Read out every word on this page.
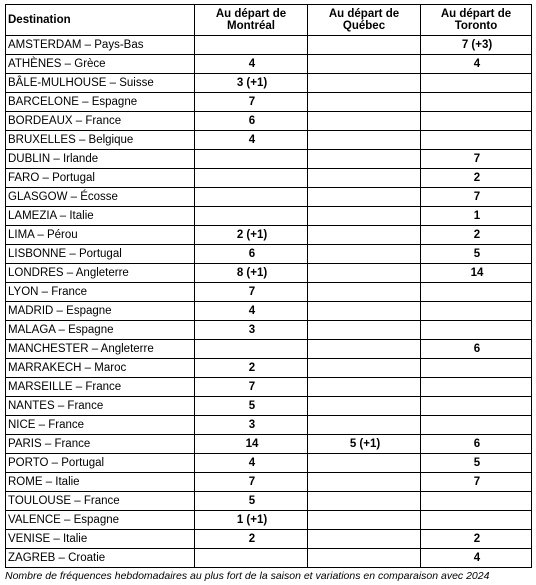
Destination	Au départ de Montréal	Au départ de Québec	Au départ de Toronto
AMSTERDAM – Pays-Bas			7 (+3)
ATHÈNES – Grèce	4		4
BÂLE-MULHOUSE – Suisse	3 (+1)		
BARCELONE – Espagne	7		
BORDEAUX – France	6		
BRUXELLES – Belgique	4		
DUBLIN – Irlande			7
FARO – Portugal			2
GLASGOW – Écosse			7
LAMEZIA – Italie			1
LIMA – Pérou	2 (+1)		2
LISBONNE – Portugal	6		5
LONDRES – Angleterre	8 (+1)		14
LYON – France	7		
MADRID – Espagne	4		
MALAGA – Espagne	3		
MANCHESTER – Angleterre			6
MARRAKECH – Maroc	2		
MARSEILLE – France	7		
NANTES – France	5		
NICE – France	3		
PARIS – France	14	5 (+1)	6
PORTO – Portugal	4		5
ROME – Italie	7		7
TOULOUSE – France	5		
VALENCE – Espagne	1 (+1)		
VENISE – Italie	2		2
ZAGREB – Croatie			4
Nombre de fréquences hebdomadaires au plus fort de la saison et variations en comparaison avec 2024
